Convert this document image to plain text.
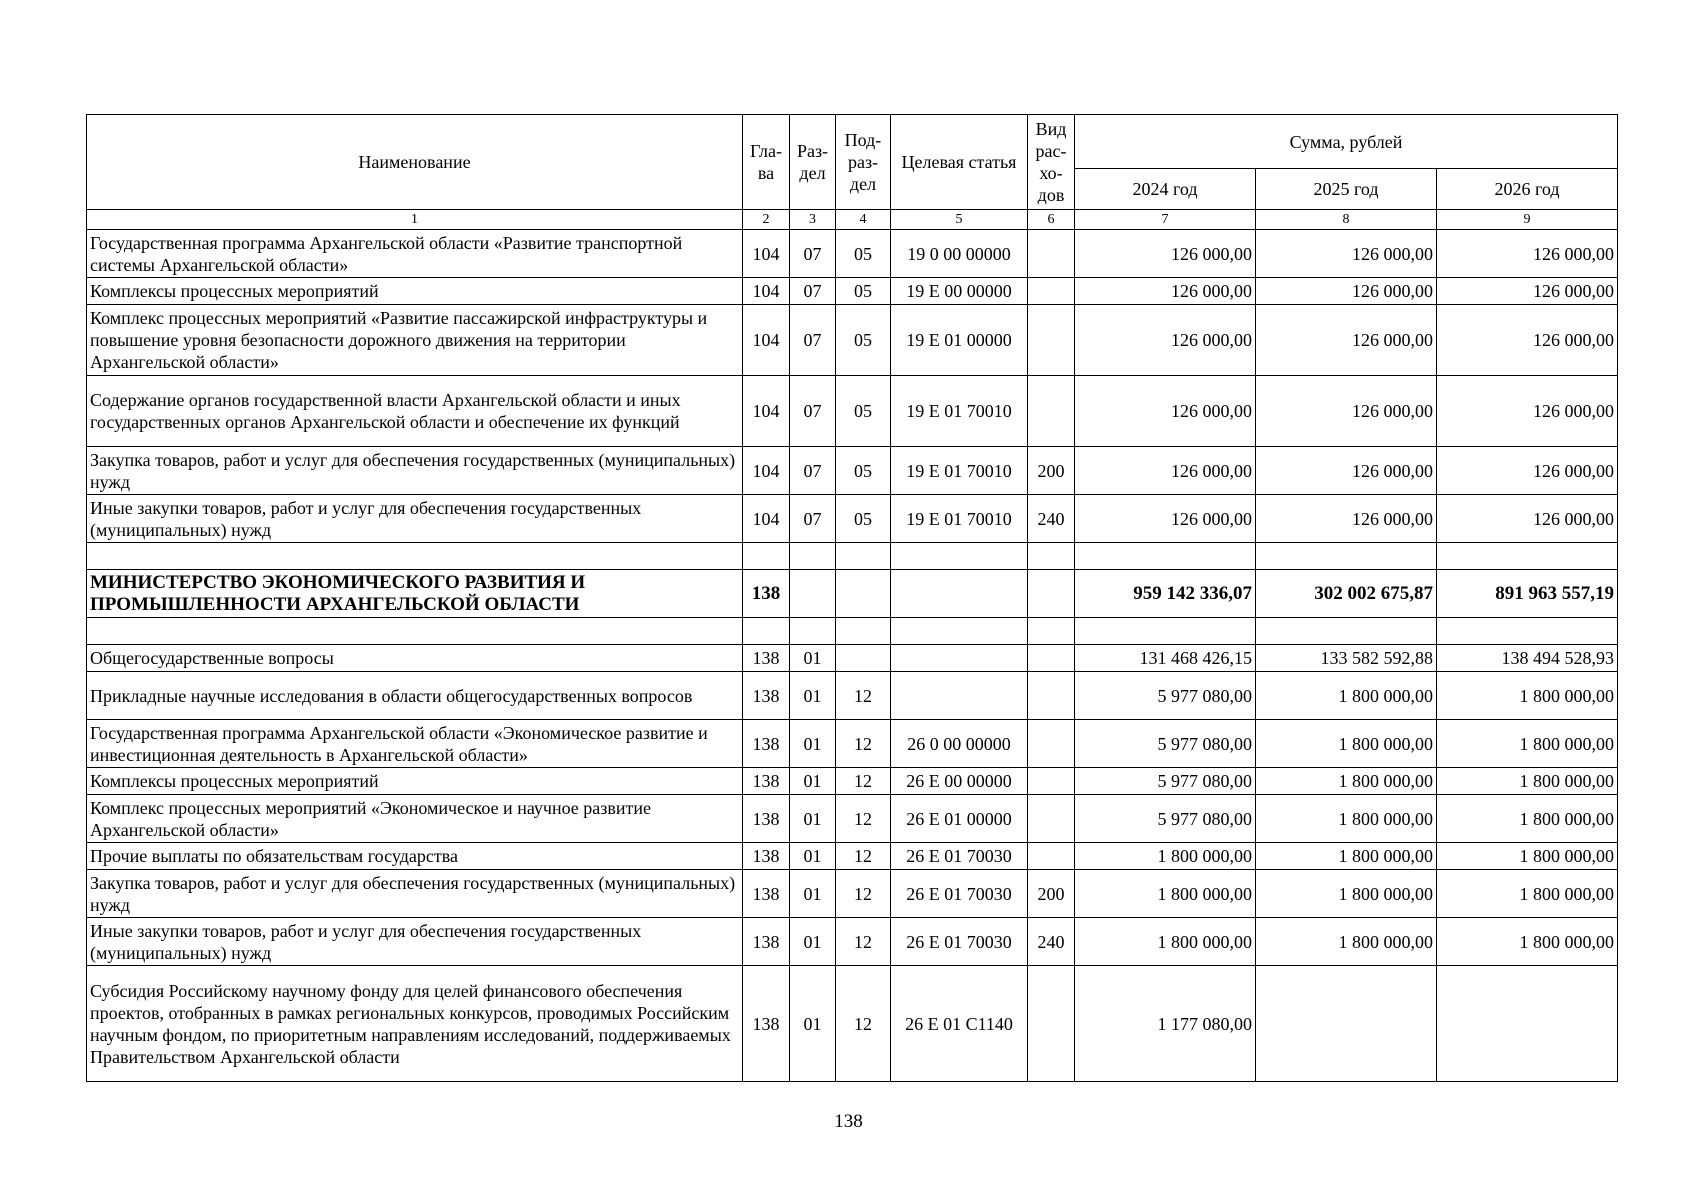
Наименование	Гла-ва	Раз-дел	Под-раз-дел	Целевая статья	Вид рас-хо-дов	Сумма, рублей		
						2024 год	2025 год	2026 год
1	2	3	4	5	6	7	8	9
Государственная программа Архангельской области «Развитие транспортной системы Архангельской области»	104	07	05	19 0 00 00000		126 000,00	126 000,00	126 000,00
Комплексы процессных мероприятий	104	07	05	19 Е 00 00000		126 000,00	126 000,00	126 000,00
Комплекс процессных мероприятий «Развитие пассажирской инфраструктуры и повышение уровня безопасности дорожного движения на территории Архангельской области»	104	07	05	19 Е 01 00000		126 000,00	126 000,00	126 000,00
Содержание органов государственной власти Архангельской области и иных государственных органов Архангельской области и обеспечение их функций	104	07	05	19 Е 01 70010		126 000,00	126 000,00	126 000,00
Закупка товаров, работ и услуг для обеспечения государственных (муниципальных) нужд	104	07	05	19 Е 01 70010	200	126 000,00	126 000,00	126 000,00
Иные закупки товаров, работ и услуг для обеспечения государственных (муниципальных) нужд	104	07	05	19 Е 01 70010	240	126 000,00	126 000,00	126 000,00

МИНИСТЕРСТВО ЭКОНОМИЧЕСКОГО РАЗВИТИЯ И ПРОМЫШЛЕННОСТИ АРХАНГЕЛЬСКОЙ ОБЛАСТИ	138					959 142 336,07	302 002 675,87	891 963 557,19

Общегосударственные вопросы	138	01				131 468 426,15	133 582 592,88	138 494 528,93
Прикладные научные исследования в области общегосударственных вопросов	138	01	12			5 977 080,00	1 800 000,00	1 800 000,00
Государственная программа Архангельской области «Экономическое развитие и инвестиционная деятельность в Архангельской области»	138	01	12	26 0 00 00000		5 977 080,00	1 800 000,00	1 800 000,00
Комплексы процессных мероприятий	138	01	12	26 Е 00 00000		5 977 080,00	1 800 000,00	1 800 000,00
Комплекс процессных мероприятий «Экономическое и научное развитие Архангельской области»	138	01	12	26 Е 01 00000		5 977 080,00	1 800 000,00	1 800 000,00
Прочие выплаты по обязательствам государства	138	01	12	26 Е 01 70030		1 800 000,00	1 800 000,00	1 800 000,00
Закупка товаров, работ и услуг для обеспечения государственных (муниципальных) нужд	138	01	12	26 Е 01 70030	200	1 800 000,00	1 800 000,00	1 800 000,00
Иные закупки товаров, работ и услуг для обеспечения государственных (муниципальных) нужд	138	01	12	26 Е 01 70030	240	1 800 000,00	1 800 000,00	1 800 000,00
Субсидия Российскому научному фонду для целей финансового обеспечения проектов, отобранных в рамках региональных конкурсов, проводимых Российским научным фондом, по приоритетным направлениям исследований, поддерживаемых Правительством Архангельской области	138	01	12	26 Е 01 С1140		1 177 080,00		
138
